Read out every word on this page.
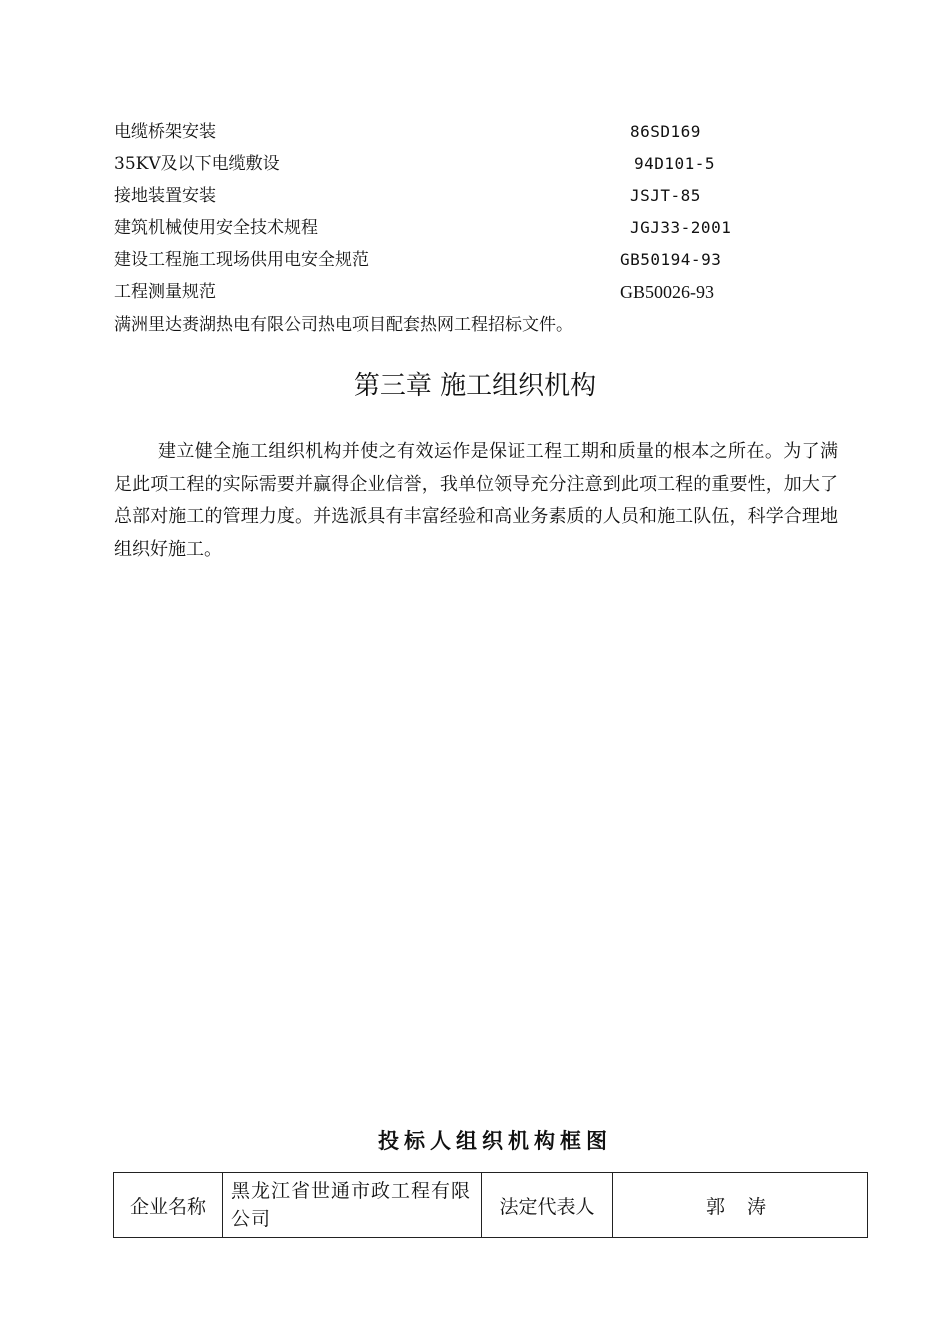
电缆桥架安装	86SD169
35KV及以下电缆敷设	94D101-5
接地装置安装	JSJT-85
建筑机械使用安全技术规程	JGJ33-2001
建设工程施工现场供用电安全规范	GB50194-93
工程测量规范	GB50026-93
满洲里达赉湖热电有限公司热电项目配套热网工程招标文件。
第三章 施工组织机构
建立健全施工组织机构并使之有效运作是保证工程工期和质量的根本之所在。为了满足此项工程的实际需要并赢得企业信誉，我单位领导充分注意到此项工程的重要性，加大了总部对施工的管理力度。并选派具有丰富经验和高业务素质的人员和施工队伍，科学合理地组织好施工。
投标人组织机构框图
企业名称	黑龙江省世通市政工程有限公司	法定代表人	郭 涛
